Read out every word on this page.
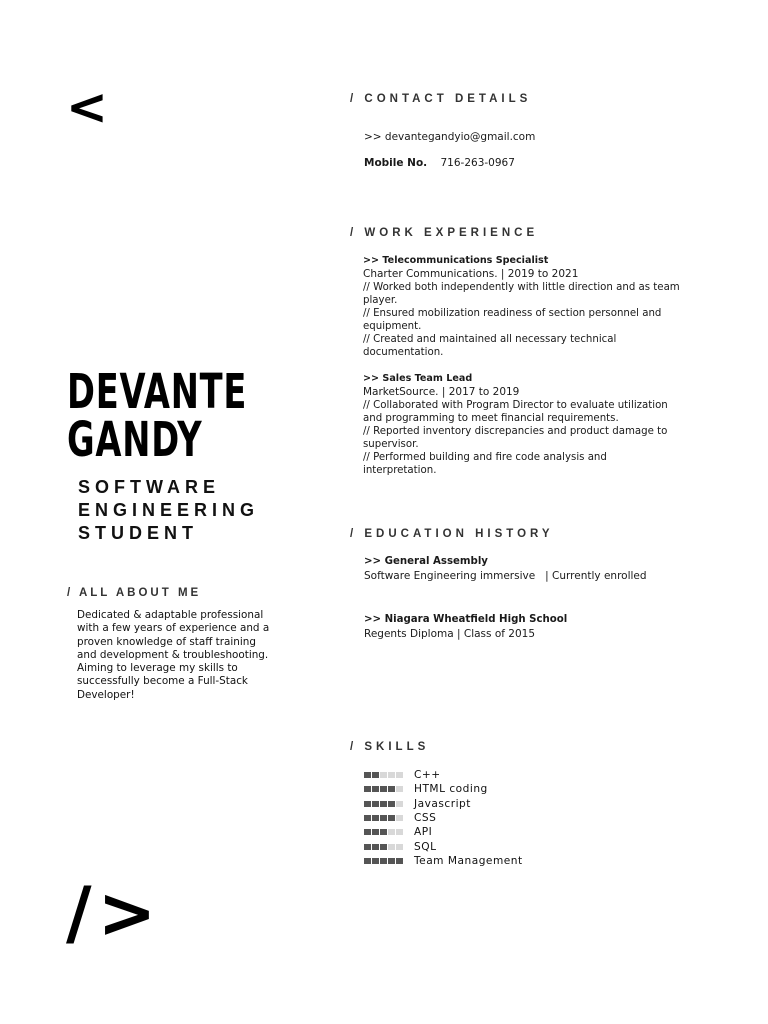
<
/>
DEVANTE
GANDY
SOFTWARE
ENGINEERING
STUDENT
/ ALL ABOUT ME
Dedicated & adaptable professional with a few years of experience and a proven knowledge of staff training and development & troubleshooting. Aiming to leverage my skills to successfully become a Full-Stack Developer!
/ CONTACT DETAILS
>> devantegandyio@gmail.com
Mobile No. 716-263-0967
/ WORK EXPERIENCE
>> Telecommunications Specialist
Charter Communications. | 2019 to 2021
// Worked both independently with little direction and as team player.
// Ensured mobilization readiness of section personnel and equipment.
// Created and maintained all necessary technical documentation.
>> Sales Team Lead
MarketSource. | 2017 to 2019
// Collaborated with Program Director to evaluate utilization and programming to meet financial requirements.
// Reported inventory discrepancies and product damage to supervisor.
// Performed building and fire code analysis and interpretation.
/ EDUCATION HISTORY
>> General Assembly
Software Engineering immersive   | Currently enrolled
>> Niagara Wheatfield High School
Regents Diploma | Class of 2015
/ SKILLS
C++
HTML coding
Javascript
CSS
API
SQL
Team Management
